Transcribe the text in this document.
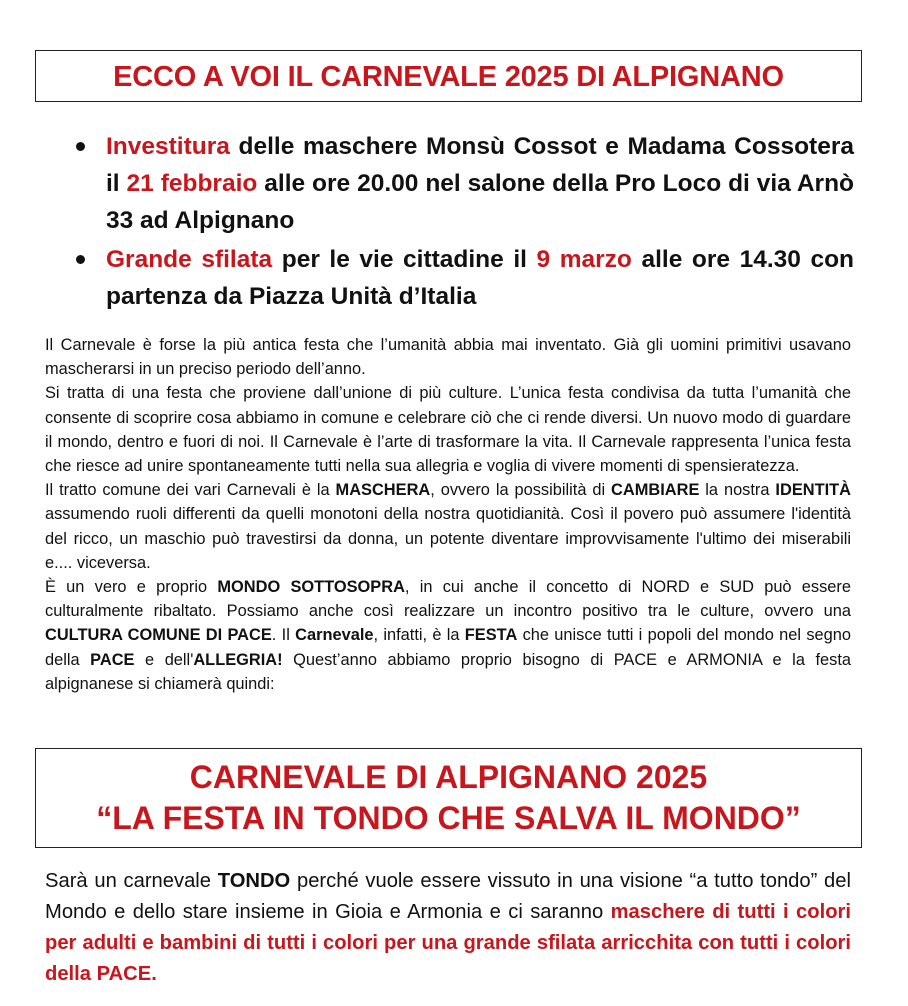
ECCO A VOI IL CARNEVALE 2025 DI ALPIGNANO
Investitura delle maschere Monsù Cossot e Madama Cossotera il 21 febbraio alle ore 20.00 nel salone della Pro Loco di via Arnò 33 ad Alpignano
Grande sfilata per le vie cittadine il 9 marzo alle ore 14.30 con partenza da Piazza Unità d’Italia

Il Carnevale è forse la più antica festa che l’umanità abbia mai inventato. Già gli uomini primitivi usavano mascherarsi in un preciso periodo dell’anno.

Si tratta di una festa che proviene dall’unione di più culture. L’unica festa condivisa da tutta l’umanità che consente di scoprire cosa abbiamo in comune e celebrare ciò che ci rende diversi. Un nuovo modo di guardare il mondo, dentro e fuori di noi. Il Carnevale è l’arte di trasformare la vita. Il Carnevale rappresenta l’unica festa che riesce ad unire spontaneamente tutti nella sua allegria e voglia di vivere momenti di spensieratezza.

Il tratto comune dei vari Carnevali è la MASCHERA, ovvero la possibilità di CAMBIARE la nostra IDENTITÀ assumendo ruoli differenti da quelli monotoni della nostra quotidianità. Così il povero può assumere l'identità del ricco, un maschio può travestirsi da donna, un potente diventare improvvisamente l'ultimo dei miserabili e.... viceversa.

È un vero e proprio MONDO SOTTOSOPRA, in cui anche il concetto di NORD e SUD può essere culturalmente ribaltato. Possiamo anche così realizzare un incontro positivo tra le culture, ovvero una CULTURA COMUNE DI PACE. Il Carnevale, infatti, è la FESTA che unisce tutti i popoli del mondo nel segno della PACE e dell'ALLEGRIA! Quest’anno abbiamo proprio bisogno di PACE e ARMONIA e la festa alpignanese si chiamerà quindi:

CARNEVALE DI ALPIGNANO 2025
“LA FESTA IN TONDO CHE SALVA IL MONDO”
Sarà un carnevale TONDO perché vuole essere vissuto in una visione “a tutto tondo” del Mondo e dello stare insieme in Gioia e Armonia e ci saranno maschere di tutti i colori per adulti e bambini di tutti i colori per una grande sfilata arricchita con tutti i colori della PACE.
